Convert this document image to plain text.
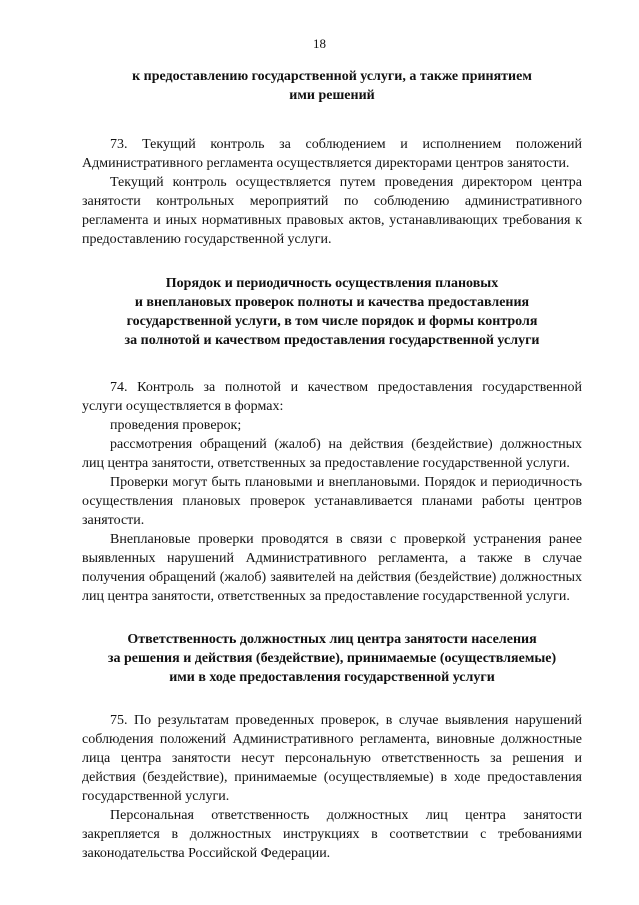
18

к предоставлению государственной услуги, а также принятием
ими решений

73. Текущий контроль за соблюдением и исполнением положений Административного регламента осуществляется директорами центров занятости.

Текущий контроль осуществляется путем проведения директором центра занятости контрольных мероприятий по соблюдению административного регламента и иных нормативных правовых актов, устанавливающих требования к предоставлению государственной услуги.

Порядок и периодичность осуществления плановых
и внеплановых проверок полноты и качества предоставления
государственной услуги, в том числе порядок и формы контроля
за полнотой и качеством предоставления государственной услуги

74. Контроль за полнотой и качеством предоставления государственной услуги осуществляется в формах:

проведения проверок;

рассмотрения обращений (жалоб) на действия (бездействие) должностных лиц центра занятости, ответственных за предоставление государственной услуги.

Проверки могут быть плановыми и внеплановыми. Порядок и периодичность осуществления плановых проверок устанавливается планами работы центров занятости.

Внеплановые проверки проводятся в связи с проверкой устранения ранее выявленных нарушений Административного регламента, а также в случае получения обращений (жалоб) заявителей на действия (бездействие) должностных лиц центра занятости, ответственных за предоставление государственной услуги.

Ответственность должностных лиц центра занятости населения
за решения и действия (бездействие), принимаемые (осуществляемые)
ими в ходе предоставления государственной услуги

75. По результатам проведенных проверок, в случае выявления нарушений соблюдения положений Административного регламента, виновные должностные лица центра занятости несут персональную ответственность за решения и действия (бездействие), принимаемые (осуществляемые) в ходе предоставления государственной услуги.

Персональная ответственность должностных лиц центра занятости закрепляется в должностных инструкциях в соответствии с требованиями законодательства Российской Федерации.
